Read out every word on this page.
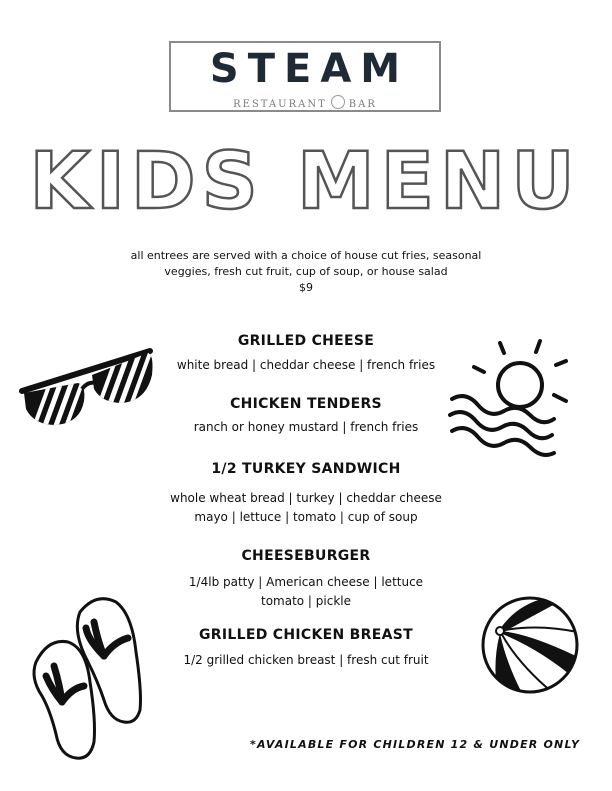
STEAM
RESTAURANT BAR
KIDS MENU
all entrees are served with a choice of house cut fries, seasonal
veggies, fresh cut fruit, cup of soup, or house salad
$9
GRILLED CHEESE
white bread | cheddar cheese | french fries
CHICKEN TENDERS
ranch or honey mustard | french fries
1/2 TURKEY SANDWICH
whole wheat bread | turkey | cheddar cheese
mayo | lettuce | tomato | cup of soup
CHEESEBURGER
1/4lb patty | American cheese | lettuce
tomato | pickle
GRILLED CHICKEN BREAST
1/2 grilled chicken breast | fresh cut fruit
*AVAILABLE FOR CHILDREN 12 & UNDER ONLY
